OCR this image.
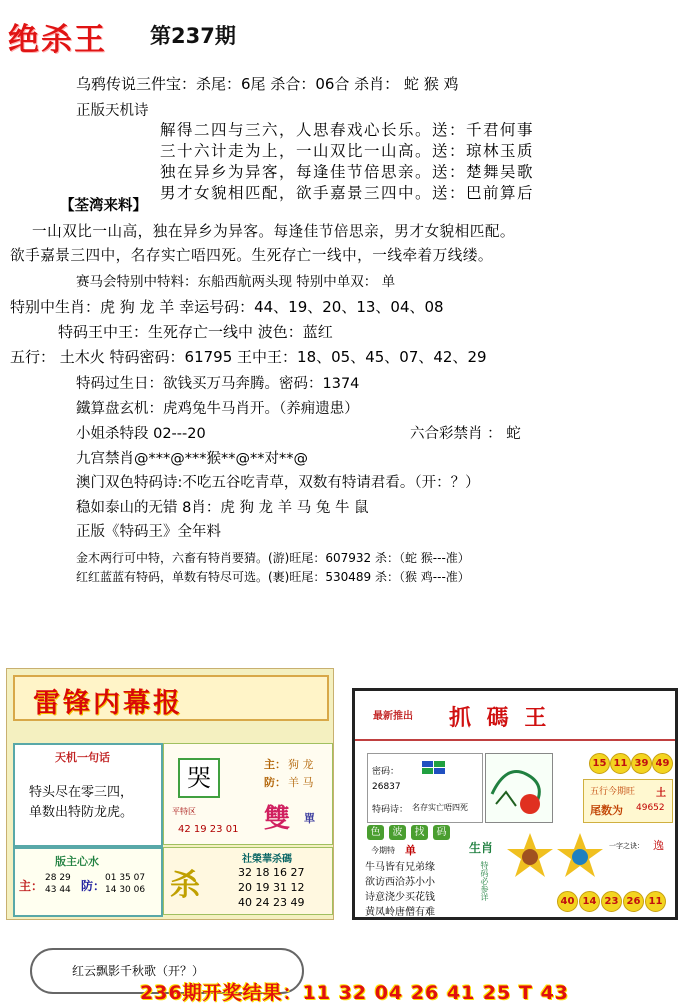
绝杀王 第237期
乌鸦传说三件宝：杀尾：6尾 杀合：06合 杀肖： 蛇 猴 鸡
正版天机诗
解得二四与三六，人思春戏心长乐。送：千君何事
三十六计走为上，一山双比一山高。送：琼林玉质
独在异乡为异客，每逢佳节倍思亲。送：楚舞吴歌
男才女貌相匹配，欲手嘉景三四中。送：巴前算后
【荃湾来料】
一山双比一山高，独在异乡为异客。每逢佳节倍思亲，男才女貌相匹配。
欲手嘉景三四中，名存实亡唔四死。生死存亡一线中，一线牵着万线缕。
赛马会特别中特料：东船西航两头现 特别中单双： 单
特别中生肖：虎 狗 龙 羊 幸运号码：44、19、20、13、04、08
特码王中王：生死存亡一线中 波色：蓝红
五行： 土木火 特码密码：61795 王中王：18、05、45、07、42、29
特码过生日：欲钱买万马奔腾。密码：1374
鐵算盘玄机：虎鸡兔牛马肖开。（养痈遗患）
小姐杀特段 02---20	六合彩禁肖 ： 蛇
九宫禁肖@***@***猴**@**对**@
澳门双色特码诗:不吃五谷吃青草，双数有特请君看。（开：？）
稳如泰山的无错 8肖：虎 狗 龙 羊 马 兔 牛 鼠
正版《特码王》全年料
金木两行可中特，六畜有特肖要猜。(游)旺尾：607932 杀：（蛇 猴---准）
红红蓝蓝有特码，单数有特尽可选。(裹)旺尾：530489 杀：（猴 鸡---准）
雷锋内幕报
天机一句话
特头尽在零三四，
单数出特防龙虎。
哭	主： 狗 龙
防： 羊 马
平特区
42 19 23 01 雙 單
版主心水
主：
28 29
43 44 防：
01 35 07
14 30 06 杀
社榮華杀碼
32 18 16 27
20 19 31 12
40 24 23 49
最新推出 抓 碼 王
15 11 39 49
密码：
26837
特码诗： 名存实亡唔四死
五行今期旺 土
尾数为 49652
色	波	找	码
今期特 单
牛马皆有兄弟缘
欲访西洽苏小小
诗意浇少买花钱
黄凤岭唐僧有难
生肖
特码必参详
一字之诀： 逸
40 14 23 26 11
红云飘影千秋歌（开？）
236期开奖结果：11 32 04 26 41 25 T 43
